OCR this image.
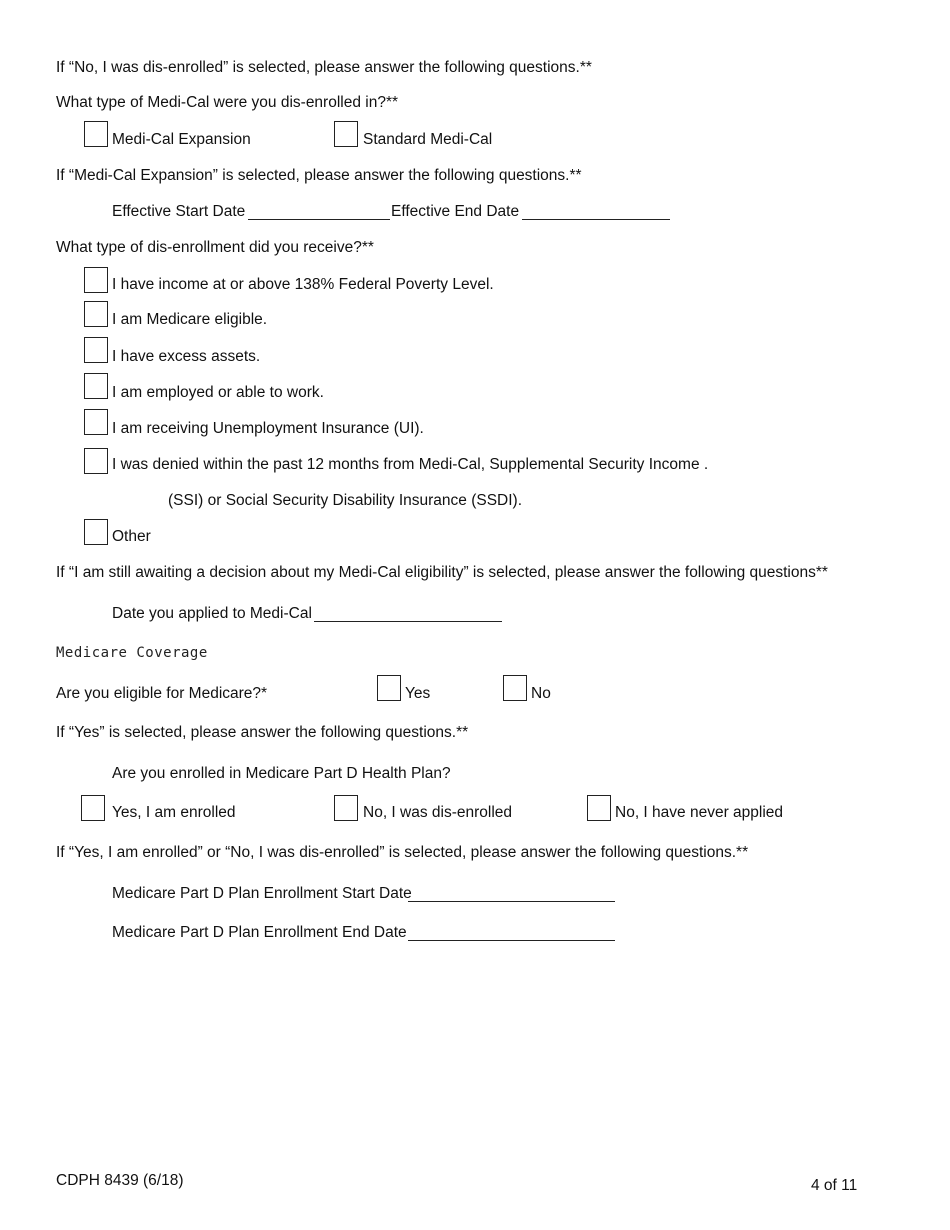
If “No, I was dis-enrolled” is selected, please answer the following questions.**
What type of Medi-Cal were you dis-enrolled in?**
Medi-Cal Expansion	Standard Medi-Cal
If “Medi-Cal Expansion” is selected, please answer the following questions.**
Effective Start Date	Effective End Date
What type of dis-enrollment did you receive?**
I have income at or above 138% Federal Poverty Level.
I am Medicare eligible.
I have excess assets.
I am employed or able to work.
I am receiving Unemployment Insurance (UI).
I was denied within the past 12 months from Medi-Cal, Supplemental Security Income .
(SSI) or Social Security Disability Insurance (SSDI).
Other
If “I am still awaiting a decision about my Medi-Cal eligibility” is selected, please answer the following questions**
Date you applied to Medi-Cal
Medicare Coverage
Are you eligible for Medicare?*	Yes	No
If “Yes” is selected, please answer the following questions.**
Are you enrolled in Medicare Part D Health Plan?
Yes, I am enrolled	No, I was dis-enrolled	No, I have never applied
If “Yes, I am enrolled” or “No, I was dis-enrolled” is selected, please answer the following questions.**
Medicare Part D Plan Enrollment Start Date
Medicare Part D Plan Enrollment End Date
CDPH 8439 (6/18)	4 of 11
